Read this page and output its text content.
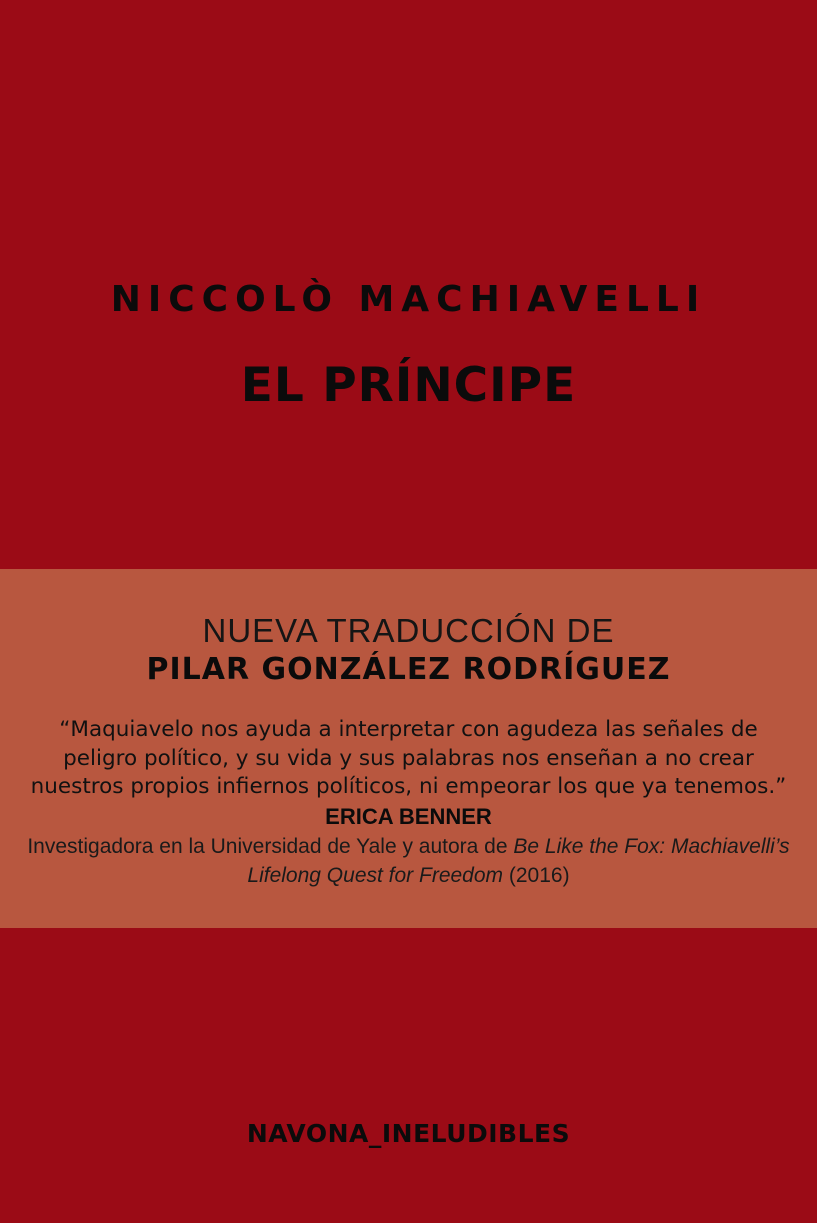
NICCOLÒ MACHIAVELLI
EL PRÍNCIPE
NUEVA TRADUCCIÓN DE
PILAR GONZÁLEZ RODRÍGUEZ
“Maquiavelo nos ayuda a interpretar con agudeza las señales de
peligro político, y su vida y sus palabras nos enseñan a no crear
nuestros propios infiernos políticos, ni empeorar los que ya tenemos.”
ERICA BENNER
Investigadora en la Universidad de Yale y autora de Be Like the Fox: Machiavelli’s
Lifelong Quest for Freedom (2016)
NAVONA_INELUDIBLES
